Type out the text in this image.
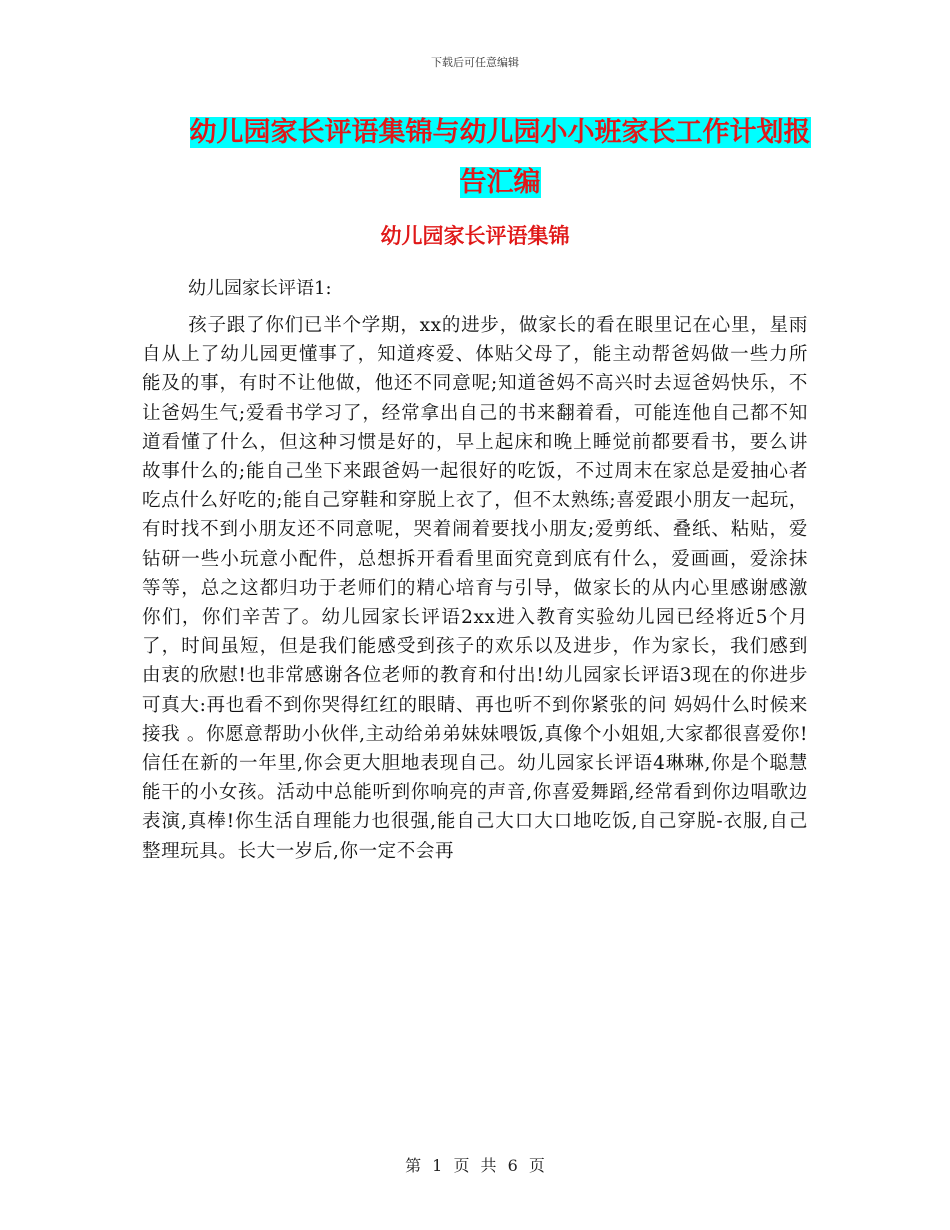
下载后可任意编辑
幼儿园家长评语集锦与幼儿园小小班家长工作计划报
告汇编
幼儿园家长评语集锦
幼儿园家长评语1:

孩子跟了你们已半个学期，xx的进步，做家长的看在眼里记在心里，星雨自从上了幼儿园更懂事了，知道疼爱、体贴父母了，能主动帮爸妈做一些力所能及的事，有时不让他做，他还不同意呢;知道爸妈不高兴时去逗爸妈快乐，不让爸妈生气;爱看书学习了，经常拿出自己的书来翻着看，可能连他自己都不知道看懂了什么，但这种习惯是好的，早上起床和晚上睡觉前都要看书，要么讲故事什么的;能自己坐下来跟爸妈一起很好的吃饭，不过周末在家总是爱抽心者吃点什么好吃的;能自己穿鞋和穿脱上衣了，但不太熟练;喜爱跟小朋友一起玩，有时找不到小朋友还不同意呢，哭着闹着要找小朋友;爱剪纸、叠纸、粘贴，爱钻研一些小玩意小配件，总想拆开看看里面究竟到底有什么，爱画画，爱涂抹等等，总之这都归功于老师们的精心培育与引导，做家长的从内心里感谢感激你们，你们辛苦了。幼儿园家长评语2xx进入教育实验幼儿园已经将近5个月了，时间虽短，但是我们能感受到孩子的欢乐以及进步，作为家长，我们感到由衷的欣慰!也非常感谢各位老师的教育和付出!幼儿园家长评语3现在的你进步可真大:再也看不到你哭得红红的眼睛、再也听不到你紧张的问 妈妈什么时候来接我 。你愿意帮助小伙伴,主动给弟弟妹妹喂饭,真像个小姐姐,大家都很喜爱你!信任在新的一年里,你会更大胆地表现自己。幼儿园家长评语4琳琳,你是个聪慧能干的小女孩。活动中总能听到你响亮的声音,你喜爱舞蹈,经常看到你边唱歌边表演,真棒!你生活自理能力也很强,能自己大口大口地吃饭,自己穿脱-衣服,自己整理玩具。长大一岁后,你一定不会再

第 1 页 共 6 页
